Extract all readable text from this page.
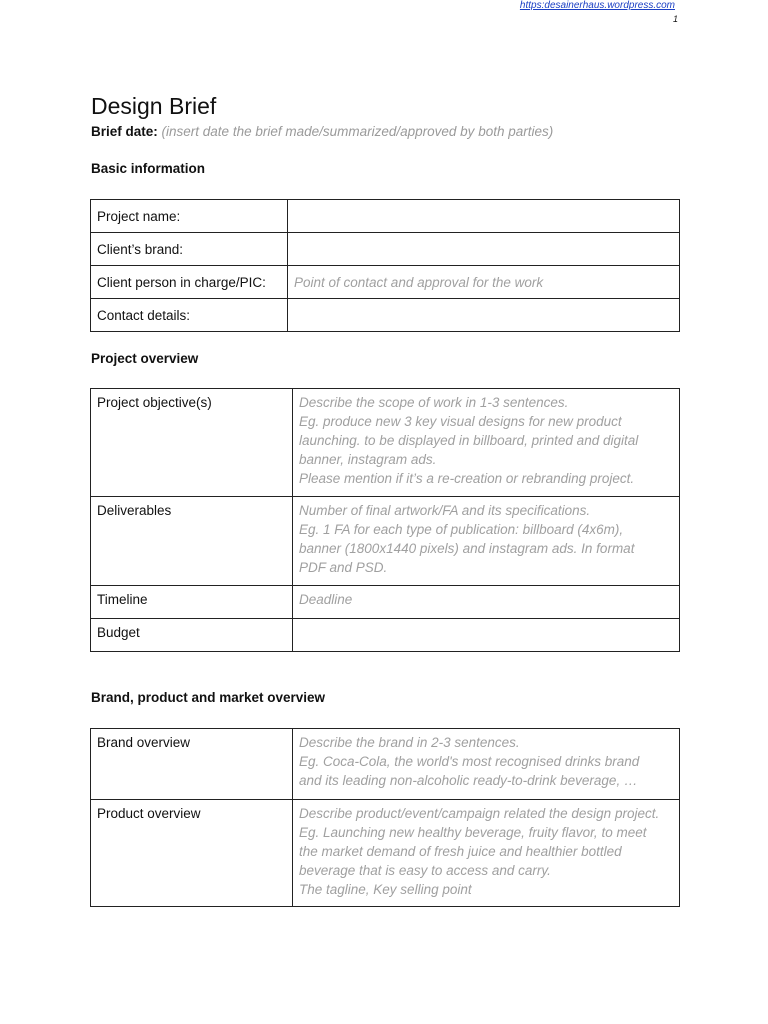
https:desainerhaus.wordpress.com
1
Design Brief
Brief date: (insert date the brief made/summarized/approved by both parties)
Basic information
Project name:	
Client’s brand:	
Client person in charge/PIC:	Point of contact and approval for the work
Contact details:	
Project overview
Project objective(s)	Describe the scope of work in 1-3 sentences.
Eg. produce new 3 key visual designs for new product
launching. to be displayed in billboard, printed and digital
banner, instagram ads.
Please mention if it’s a re-creation or rebranding project.

Deliverables	Number of final artwork/FA and its specifications.
Eg. 1 FA for each type of publication: billboard (4x6m),
banner (1800x1440 pixels) and instagram ads. In format
PDF and PSD.

Timeline	Deadline

Budget	
Brand, product and market overview
Brand overview	Describe the brand in 2-3 sentences.
Eg. Coca-Cola, the world's most recognised drinks brand
and its leading non-alcoholic ready-to-drink beverage, …

Product overview	Describe product/event/campaign related the design project.
Eg. Launching new healthy beverage, fruity flavor, to meet
the market demand of fresh juice and healthier bottled
beverage that is easy to access and carry.
The tagline, Key selling point
